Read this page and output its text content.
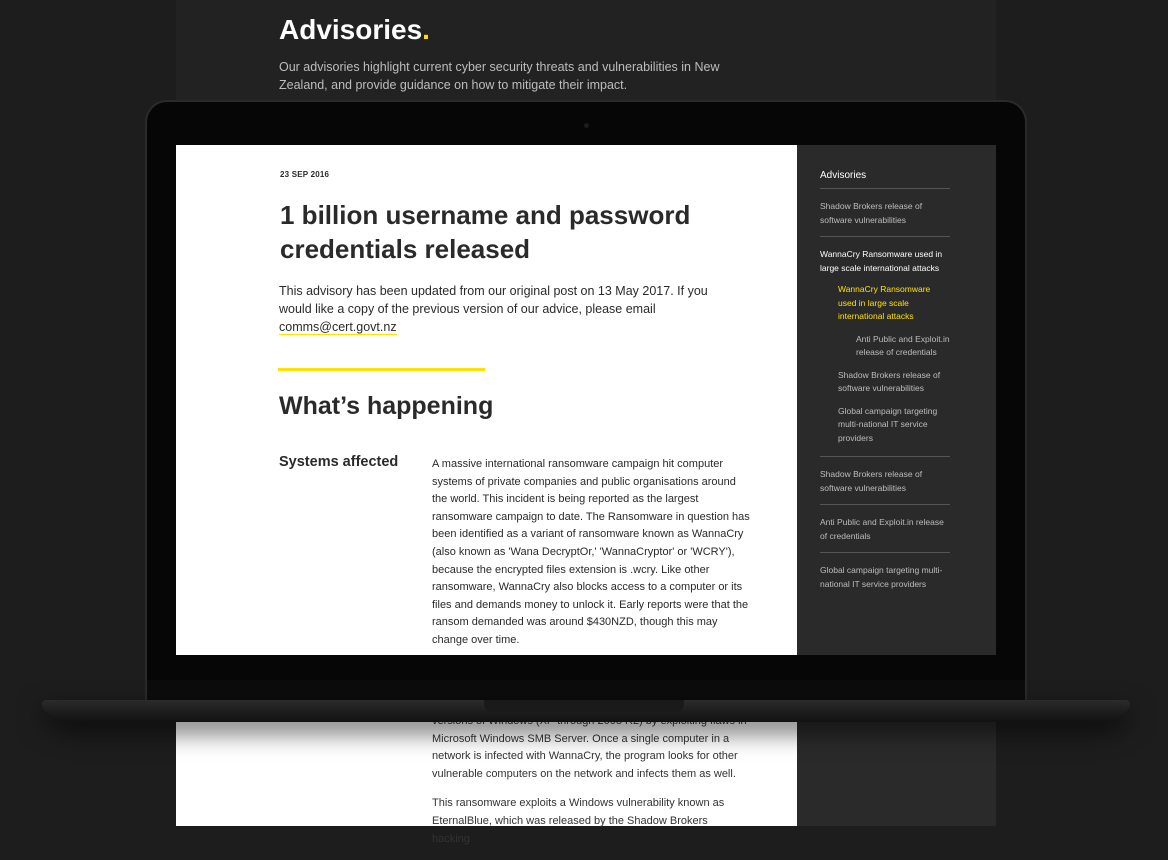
Advisories.
Our advisories highlight current cyber security threats and vulnerabilities in New Zealand, and provide guidance on how to mitigate their impact.

Microsoft Windows SMB Server. Once a single computer in a network is infected with WannaCry, the program looks for other vulnerable computers on the network and infects them as well.

This ransomware exploits a Windows vulnerability known as EternalBlue, which was released by the Shadow Brokers hacking

23 SEP 2016
1 billion username and password credentials released

This advisory has been updated from our original post on 13 May 2017. If you would like a copy of the previous version of our advice, please email comms@cert.govt.nz

What’s happening
Systems affected	A massive international ransomware campaign hit computer systems of private companies and public organisations around the world. This incident is being reported as the largest ransomware campaign to date. The Ransomware in question has been identified as a variant of ransomware known as WannaCry (also known as 'Wana DecryptOr,' 'WannaCryptor' or 'WCRY'), because the encrypted files extension is .wcry. Like other ransomware, WannaCry also blocks access to a computer or its files and demands money to unlock it. Early reports were that the ransom demanded was around $430NZD, though this may change over time.

Advisories
Shadow Brokers release of software vulnerabilities
WannaCry Ransomware used in large scale international attacks
WannaCry Ransomware used in large scale international attacks
Anti Public and Exploit.in release of credentials
Shadow Brokers release of software vulnerabilities
Global campaign targeting multi-national IT service providers
Shadow Brokers release of software vulnerabilities
Anti Public and Exploit.in release of credentials
Global campaign targeting multi-national IT service providers
